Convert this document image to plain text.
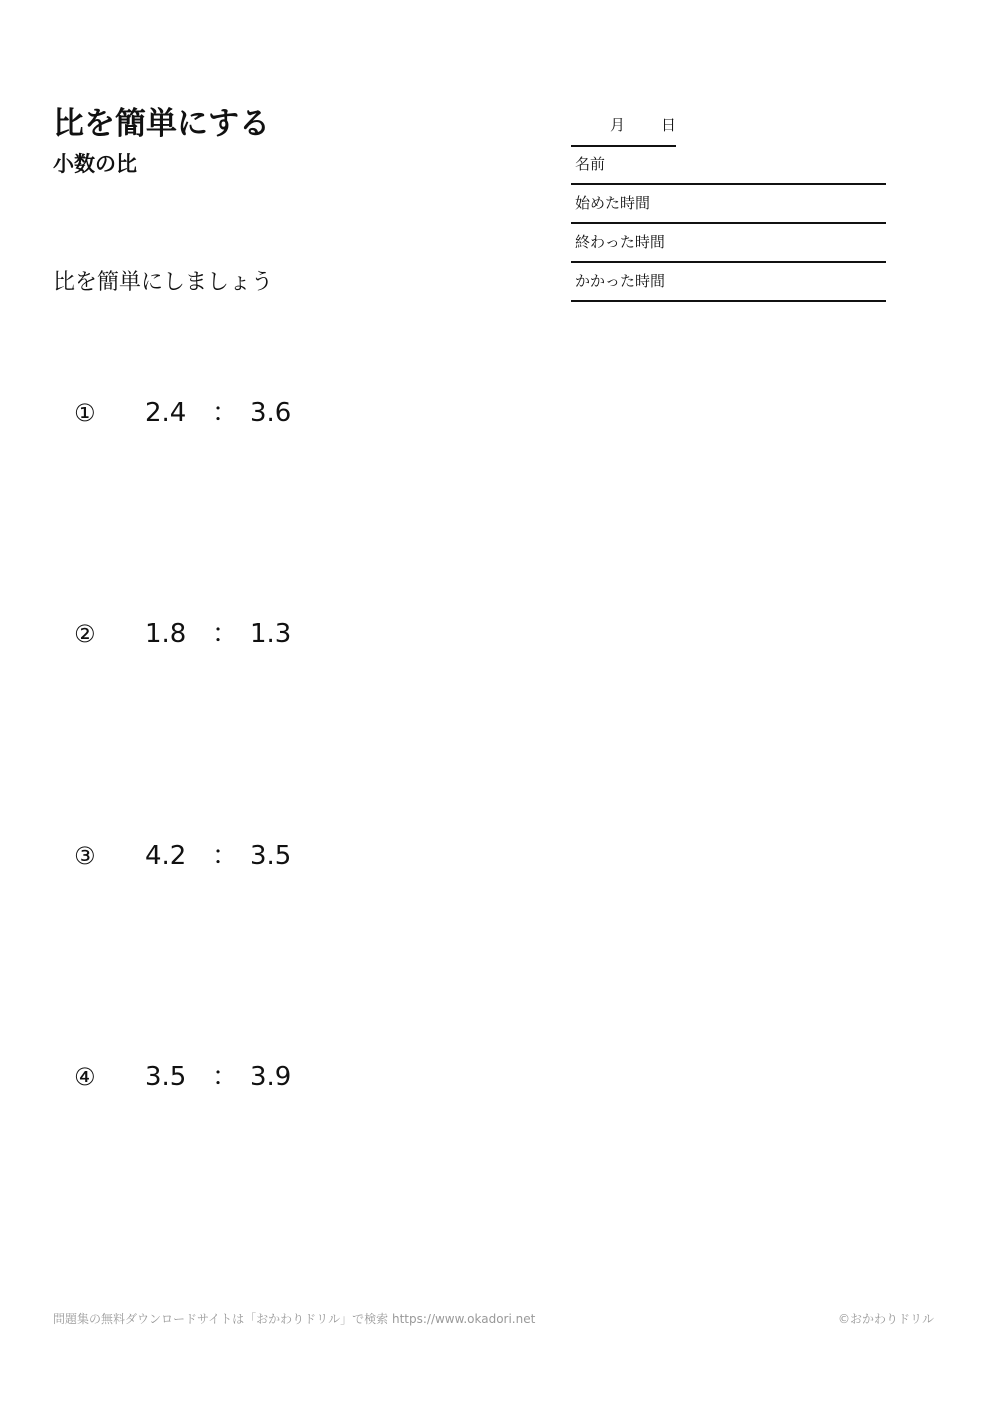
比を簡単にする
小数の比
比を簡単にしましょう
月 日
名前
始めた時間
終わった時間
かかった時間
① 2.4 ： 3.6
② 1.8 ： 1.3
③ 4.2 ： 3.5
④ 3.5 ： 3.9
問題集の無料ダウンロードサイトは「おかわりドリル」で検索 https://www.okadori.net	©おかわりドリル
